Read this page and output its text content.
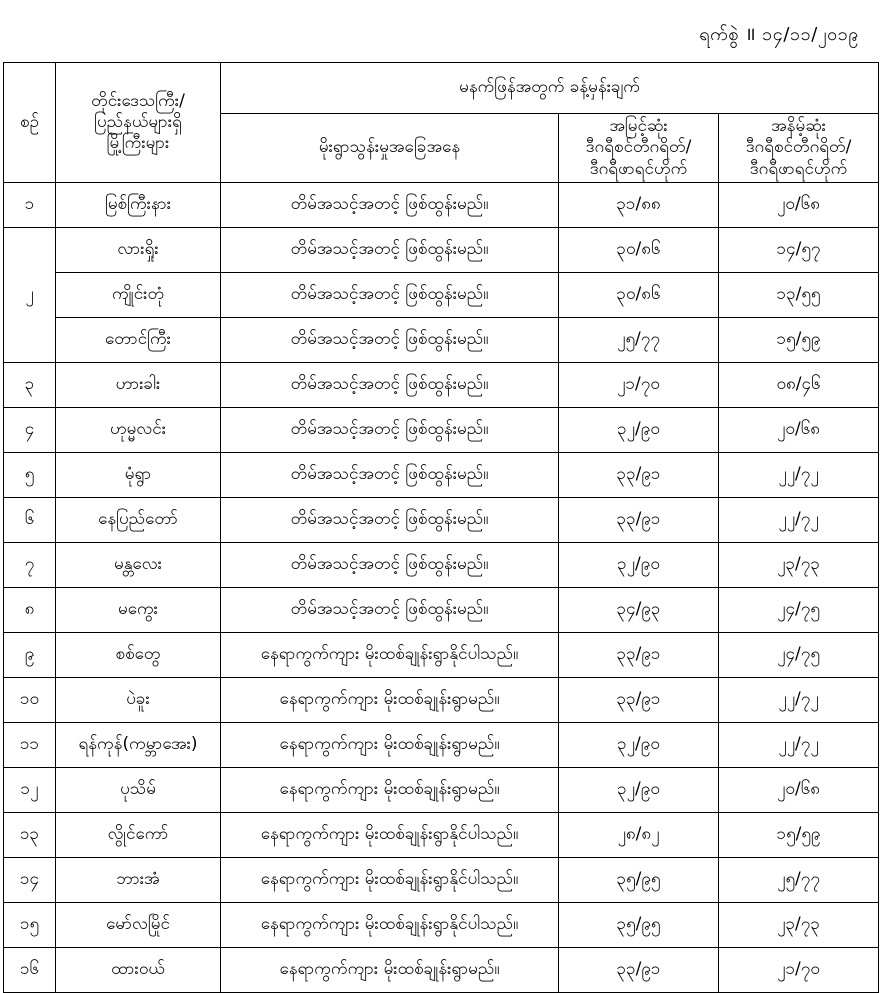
ရက်စွဲ ॥ ၁၄/၁၁/၂၀၁၉
စဉ်	တိုင်းဒေသကြီး/
ပြည်နယ်များရှိ
မြို့ကြီးများ	မနက်ဖြန်အတွက် ခန့်မှန်းချက်		
မိုးရွာသွန်းမှုအခြေအနေ	
အမြင့်ဆုံး
ဒီဂရီစင်တီဂရိတ်/
ဒီဂရီဖာရင်ဟိုက်

အနိမ့်ဆုံး
ဒီဂရီစင်တီဂရိတ်/
ဒီဂရီဖာရင်ဟိုက်

၁	မြစ်ကြီးနား	တိမ်အသင့်အတင့် ဖြစ်ထွန်းမည်။	၃၁/၈၈	၂၀/၆၈
၂	လားရှိုး	တိမ်အသင့်အတင့် ဖြစ်ထွန်းမည်။	၃၀/၈၆	၁၄/၅၇
	ကျိုင်းတုံ	တိမ်အသင့်အတင့် ဖြစ်ထွန်းမည်။	၃၀/၈၆	၁၃/၅၅
	တောင်ကြီး	တိမ်အသင့်အတင့် ဖြစ်ထွန်းမည်။	၂၅/၇၇	၁၅/၅၉
၃	ဟားခါး	တိမ်အသင့်အတင့် ဖြစ်ထွန်းမည်။	၂၁/၇၀	၀၈/၄၆
၄	ဟုမ္မလင်း	တိမ်အသင့်အတင့် ဖြစ်ထွန်းမည်။	၃၂/၉၀	၂၀/၆၈
၅	မုံရွာ	တိမ်အသင့်အတင့် ဖြစ်ထွန်းမည်။	၃၃/၉၁	၂၂/၇၂
၆	နေပြည်တော်	တိမ်အသင့်အတင့် ဖြစ်ထွန်းမည်။	၃၃/၉၁	၂၂/၇၂
၇	မန္တလေး	တိမ်အသင့်အတင့် ဖြစ်ထွန်းမည်။	၃၂/၉၀	၂၃/၇၃
၈	မကွေး	တိမ်အသင့်အတင့် ဖြစ်ထွန်းမည်။	၃၄/၉၃	၂၄/၇၅
၉	စစ်တွေ	နေရာကွက်ကျား မိုးထစ်ချုန်းရွာနိုင်ပါသည်။	၃၃/၉၁	၂၄/၇၅
၁၀	ပဲခူး	နေရာကွက်ကျား မိုးထစ်ချုန်းရွာမည်။	၃၃/၉၁	၂၂/၇၂
၁၁	ရန်ကုန်(ကမ္ဘာအေး)	နေရာကွက်ကျား မိုးထစ်ချုန်းရွာမည်။	၃၂/၉၀	၂၂/၇၂
၁၂	ပုသိမ်	နေရာကွက်ကျား မိုးထစ်ချုန်းရွာမည်။	၃၂/၉၀	၂၀/၆၈
၁၃	လွိုင်ကော်	နေရာကွက်ကျား မိုးထစ်ချုန်းရွာနိုင်ပါသည်။	၂၈/၈၂	၁၅/၅၉
၁၄	ဘားအံ	နေရာကွက်ကျား မိုးထစ်ချုန်းရွာနိုင်ပါသည်။	၃၅/၉၅	၂၅/၇၇
၁၅	မော်လမြိုင်	နေရာကွက်ကျား မိုးထစ်ချုန်းရွာနိုင်ပါသည်။	၃၅/၉၅	၂၃/၇၃
၁၆	ထားဝယ်	နေရာကွက်ကျား မိုးထစ်ချုန်းရွာမည်။	၃၃/၉၁	၂၁/၇၀
